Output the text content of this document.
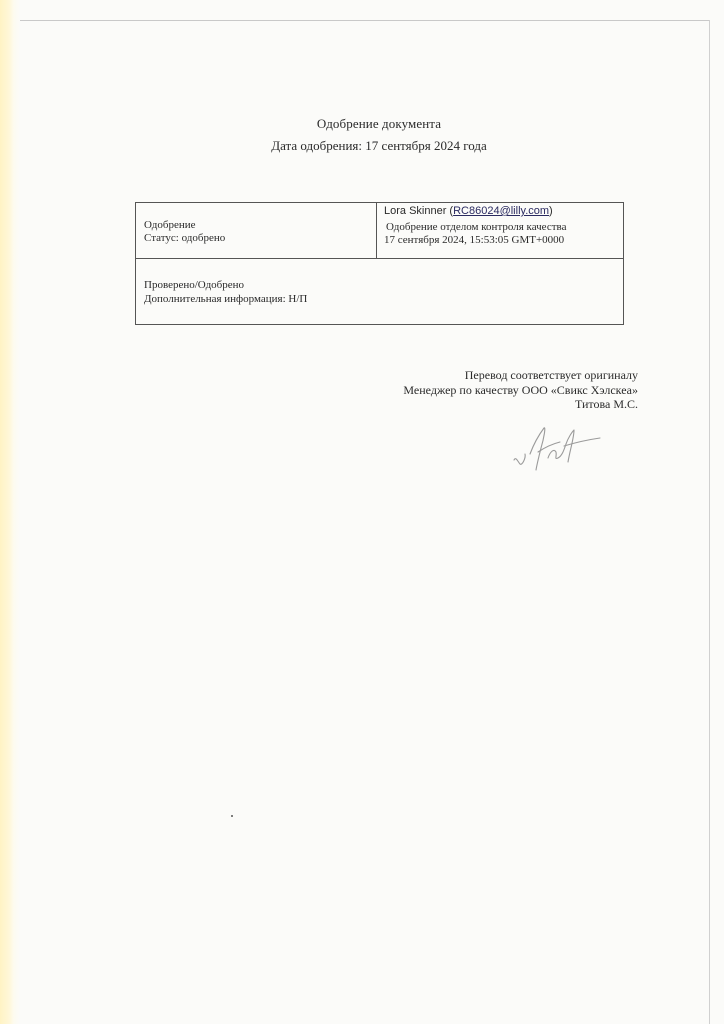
Одобрение документа
Дата одобрения: 17 сентября 2024 года
Одобрение
Статус: одобрено
Lora Skinner (RC86024@lilly.com)
Одобрение отделом контроля качества
17 сентября 2024, 15:53:05 GMT+0000
Проверено/Одобрено
Дополнительная информация: Н/П
Перевод соответствует оригиналу
Менеджер по качеству ООО «Свикс Хэлскеа»
Титова М.С.
